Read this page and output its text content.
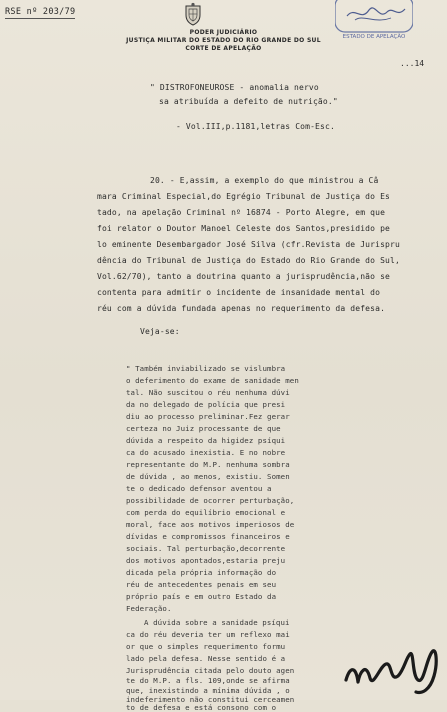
RSE nº 203/79
PODER JUDICIÁRIO
JUSTIÇA MILITAR DO ESTADO DO RIO GRANDE DO SUL
CORTE DE APELAÇÃO
ESTADO DE APELAÇÃO
...14
" DISTROFONEUROSE - anomalia nervo
sa atribuída a defeito de nutrição."
- Vol.III,p.1181,letras Com-Esc.
20. - E,assim, a exemplo do que ministrou a Câ
mara Criminal Especial,do Egrégio Tribunal de Justiça do Es
tado, na apelação Criminal nº 16874 - Porto Alegre, em que
foi relator o Doutor Manoel Celeste dos Santos,presidido pe
lo eminente Desembargador José Silva (cfr.Revista de Jurispru
dência do Tribunal de Justiça do Estado do Rio Grande do Sul,
Vol.62/70), tanto a doutrina quanto a jurisprudência,não se
contenta para admitir o incidente de insanidade mental do
réu com a dúvida fundada apenas no requerimento da defesa.
Veja-se:
" Também inviabilizado se vislumbra
o deferimento do exame de sanidade men
tal. Não suscitou o réu nenhuma dúvi
da no delegado de polícia que presi
diu ao processo preliminar.Fez gerar
certeza no Juiz processante de que
dúvida a respeito da higidez psíqui
ca do acusado inexistia. E no nobre
representante do M.P. nenhuma sombra
de dúvida , ao menos, existiu. Somen
te o dedicado defensor aventou a
possibilidade de ocorrer perturbação,
com perda do equilíbrio emocional e
moral, face aos motivos imperiosos de
dívidas e compromissos financeiros e
sociais. Tal perturbação,decorrente
dos motivos apontados,estaria preju
dicada pela própria informação do
réu de antecedentes penais em seu
próprio país e em outro Estado da
Federação.
A dúvida sobre a sanidade psíqui
ca do réu deveria ter um reflexo mai
or que o simples requerimento formu
lado pela defesa. Nesse sentido é a
Jurisprudência citada pelo douto agen
te do M.P. a fls. 109,onde se afirma
que, inexistindo a mínima dúvida , o
indeferimento não constitui cerceamen
to de defesa e está consono com o
